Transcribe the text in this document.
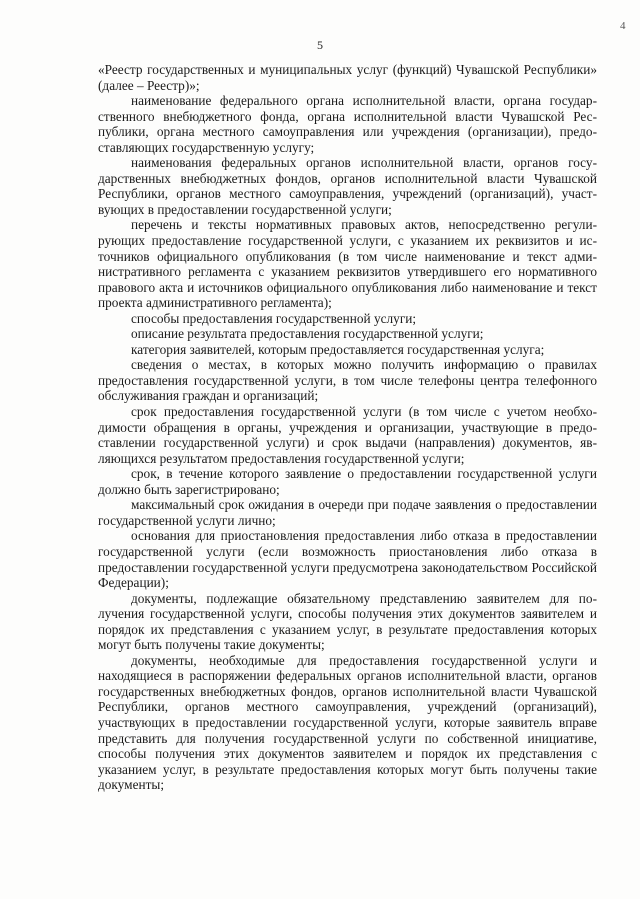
5
4

«Реестр государственных и муниципальных услуг (функций) Чувашской Республики» (далее – Реестр)»;

наименование федерального органа исполнительной власти, органа государственного внебюджетного фонда, органа исполнительной власти Чувашской Республики, органа местного самоуправления или учреждения (организации), предоставляющих государственную услугу;

наименования федеральных органов исполнительной власти, органов государственных внебюджетных фондов, органов исполнительной власти Чувашской Республики, органов местного самоуправления, учреждений (организаций), участвующих в предоставлении государственной услуги;

перечень и тексты нормативных правовых актов, непосредственно регулирующих предоставление государственной услуги, с указанием их реквизитов и источников официального опубликования (в том числе наименование и текст административного регламента с указанием реквизитов утвердившего его нормативного правового акта и источников официального опубликования либо наименование и текст проекта административного регламента);

способы предоставления государственной услуги;

описание результата предоставления государственной услуги;

категория заявителей, которым предоставляется государственная услуга;

сведения о местах, в которых можно получить информацию о правилах предоставления государственной услуги, в том числе телефоны центра телефонного обслуживания граждан и организаций;

срок предоставления государственной услуги (в том числе с учетом необходимости обращения в органы, учреждения и организации, участвующие в предоставлении государственной услуги) и срок выдачи (направления) документов, являющихся результатом предоставления государственной услуги;

срок, в течение которого заявление о предоставлении государственной услуги должно быть зарегистрировано;

максимальный срок ожидания в очереди при подаче заявления о предоставлении государственной услуги лично;

основания для приостановления предоставления либо отказа в предоставлении государственной услуги (если возможность приостановления либо отказа в предоставлении государственной услуги предусмотрена законодательством Российской Федерации);

документы, подлежащие обязательному представлению заявителем для получения государственной услуги, способы получения этих документов заявителем и порядок их представления с указанием услуг, в результате предоставления которых могут быть получены такие документы;

документы, необходимые для предоставления государственной услуги и находящиеся в распоряжении федеральных органов исполнительной власти, органов государственных внебюджетных фондов, органов исполнительной власти Чувашской Республики, органов местного самоуправления, учреждений (организаций), участвующих в предоставлении государственной услуги, которые заявитель вправе представить для получения государственной услуги по собственной инициативе, способы получения этих документов заявителем и порядок их представления с указанием услуг, в результате предоставления которых могут быть получены такие документы;
